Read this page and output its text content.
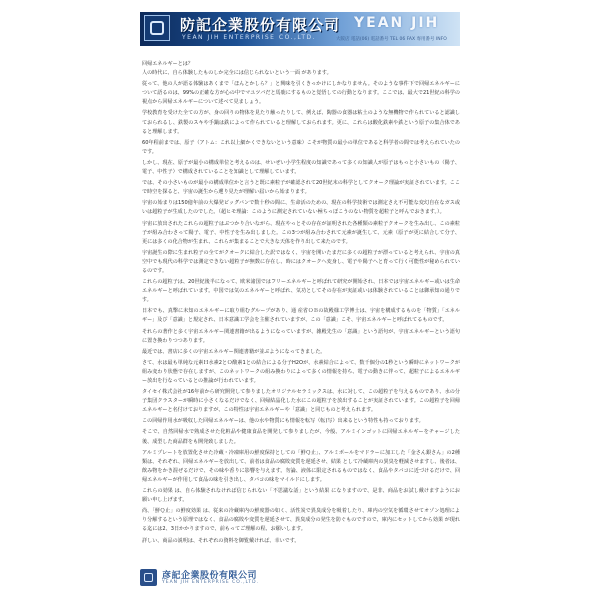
防記企業股份有限公司
YEAN JIH ENTERPRISE CO.,LTD.
YEAN JIH
大阪店 電話(06) 電話番号 TEL 06 FAX 専用番号 INFO

回帰エネルギーとは？

人の時代に、自ら体験したものしか完全には信じられないという一面 があります。

従って、他の人が語る体験はあくまで「ほんとかしら？」と興味を引くきっかけにしかなりません。そのような事件下で回帰エネルギーについて語るのは、99%の正確な方が心の中でマユツバだと馬鹿にするものと覚悟しての行動となります。ここでは、最大で21世紀の科学の視点から回帰エネルギーについて述べて見ましょう。

学校教育を受けた全ての方が、身の回りの物体を見たり触ったりして、例えば、陶器の食器は粘土のような無機物で作られていると認識しておられるし、鉄製のスキや手鍋は鉄によって作られていると理解しておられます。更に、これらは酸化鉄素や鉄という原子の集合体であると理解します。

60年程前までは、原子（アトム：これ以上細かくできないという意味）こそが物質の最小の単位であると科学者の間では考えられていたのです。

しかし、現在、原子が最小の構成単位と考えるのは、せいぜい小学生程度の知識であって多くの知識人が原子はもっと小さいもの（陽子、電子、中性子）で構成されていることを知識として理解しています。

では、その小さいものが最小の構成単位かと言うと既に素粒子が確認されて20世紀末の科学としてクオーク理論が実証されています。ここで時空を探ると、宇宙の誕生から遡り見たが理解い届いから始まります。

宇宙の始まりは150億年前の大爆発ビッグバンで数十秒の間に、生命活のための、現在の科学技術では測定さえ不可能な変幻自在なガス或いは超粒子が生成したのでした。（超ヒモ理論：このように測定されていない極ちっぽこうのない物質を超粒子と呼んでおきます。）。

宇宙に放出されたこれらの超粒子はぶつかり合いながら、現在やっとその存在が証明された各種類の素粒子クオークを生み出し、この素粒子が組み合わさって陽子、電子、中性子を生み出しました。この3つが組み合わされて元素が誕生して、元素（原子が更に結合して分子、更には多くの化合物が生まれ、これらが集まることで大きな天体を作り出して来たのです。

宇宙誕生の際に生まれ粒子の全てがクオークに結合した訳ではなく、宇宙を開いたまだに多くの超粒子が漂っていると考えられ、宇宙の真空中でも現代の科学では測定できない超粒子が無数に存在し、時にはクオークへ変身し、電子や陽子へと育って行く可能性が秘められているのです。

これらの超粒子は、20世紀後半になって、欧米諸国ではフリーエネルギーと呼ばれて研究が開始され、日本では宇宙エネルギー或いは生命エネルギーと呼ばれています。中国では気のエネルギーと呼ばれ、気功としてその存在が実証或いは体験されていることは御承知の通りです。

日本でも、真擊に未知のエネルギーに取り組むグループがあり、通 産省ＯＢの故殿様工学博士は、宇宙を構成するものを「物質」「エネルギー」及び「意識」と規定され、日本意識工学会を主催されていますが、この「意識」こそ、宇宙エネルギーと呼ばれてるものです。

それらの著作と多く宇宙エネルギー関連書籍が出るようになっていますが、雑殿先生の「意識」という語句が、宇宙エネルギーという語句に置き換わりつつあります。

最近では、書店に多くの宇宙エネルギー関連書籍が並ぶようになってきました。

さて、水は最も単純な元素Ｈ水素2とＯ酸素1との結合による分子H2Oが、水素結合によって、数千個分の1秒という瞬時にネットワークが組み変わり状態で存在しますが、このネットワークの組み換わりによって多くの情報を持ち、電子の動きに伴って、超粒子によるエネルギー放出を行なっているとの推論が行われています。

タイセイ株式会社が16年前から研究開発して参りましたオリジナルセラミックスは、水に対して、この超粒子を与えるものであり、水の分子集団クラスターが瞬時に小さくなるだけでなく、回帰結晶化した水にこの超粒子を放出することが実証されています。この超粒子を回帰エネルギーと名付けておりますが、この特性は宇宙エネルギーや「意識」と同じものと考えられます。

この回帰作用水が吸収した回帰エネルギーは、他の水や物質にも情報を転写（転)写）出来るという特性も持っております。

そこで、自然回帰水で熟成させた化粧品や健康食品を開発して参りましたが、今般、アルミインゴットに回帰エネルギーをチャージした後、成型した商品群をも開発致しました。

アルミプレートを放置化させた冷蔵・冷凍庫用の鮮度保持としての「鮮Ｑ止」、アルミボールをマドラーに加工した「金さん銀さん」の2種類は、それぞれ、回帰エネルギーを放出して、前者は食品の腐敗変質を遅延させ、結果 として冷蔵庫内の異臭を軽減させますし、後者は、飲み物をかき混ぜるだけで、その味や香りに影響を与えます。勿論、液体に限定されるものではなく、食品やタバコに近づけるだけで、回帰エネルギーが作用して食品の味を引き出し、タバコの味をマイルドにします。

これらの効果 は、自ら体験されなければ信じられない「不思議な話」という結果 になりますので、是非、商品をお試し戴けますようにお願い申し上げます。

尚、「鮮Ｑ止」の鮮度効果 は、従来の冷蔵庫内の鮮度器の如く、活性炭で異臭成分を吸着したり、庫内の空気を循環させてオゾン処理により分解するという原理ではなく、食品の腐敗や変質を遅延させて、異臭成分の発生を防ぐものですので、庫内にセットしてから効果 が現れる迄には2、3日かかりますので、前もってご理解の程、お願いします。

詳しい、商品の説明は、それぞれの資料を御覧戴ければ、幸いです。

彦記企業股份有限公司
YEAN JIH ENTERPRISE CO.,LTD.
